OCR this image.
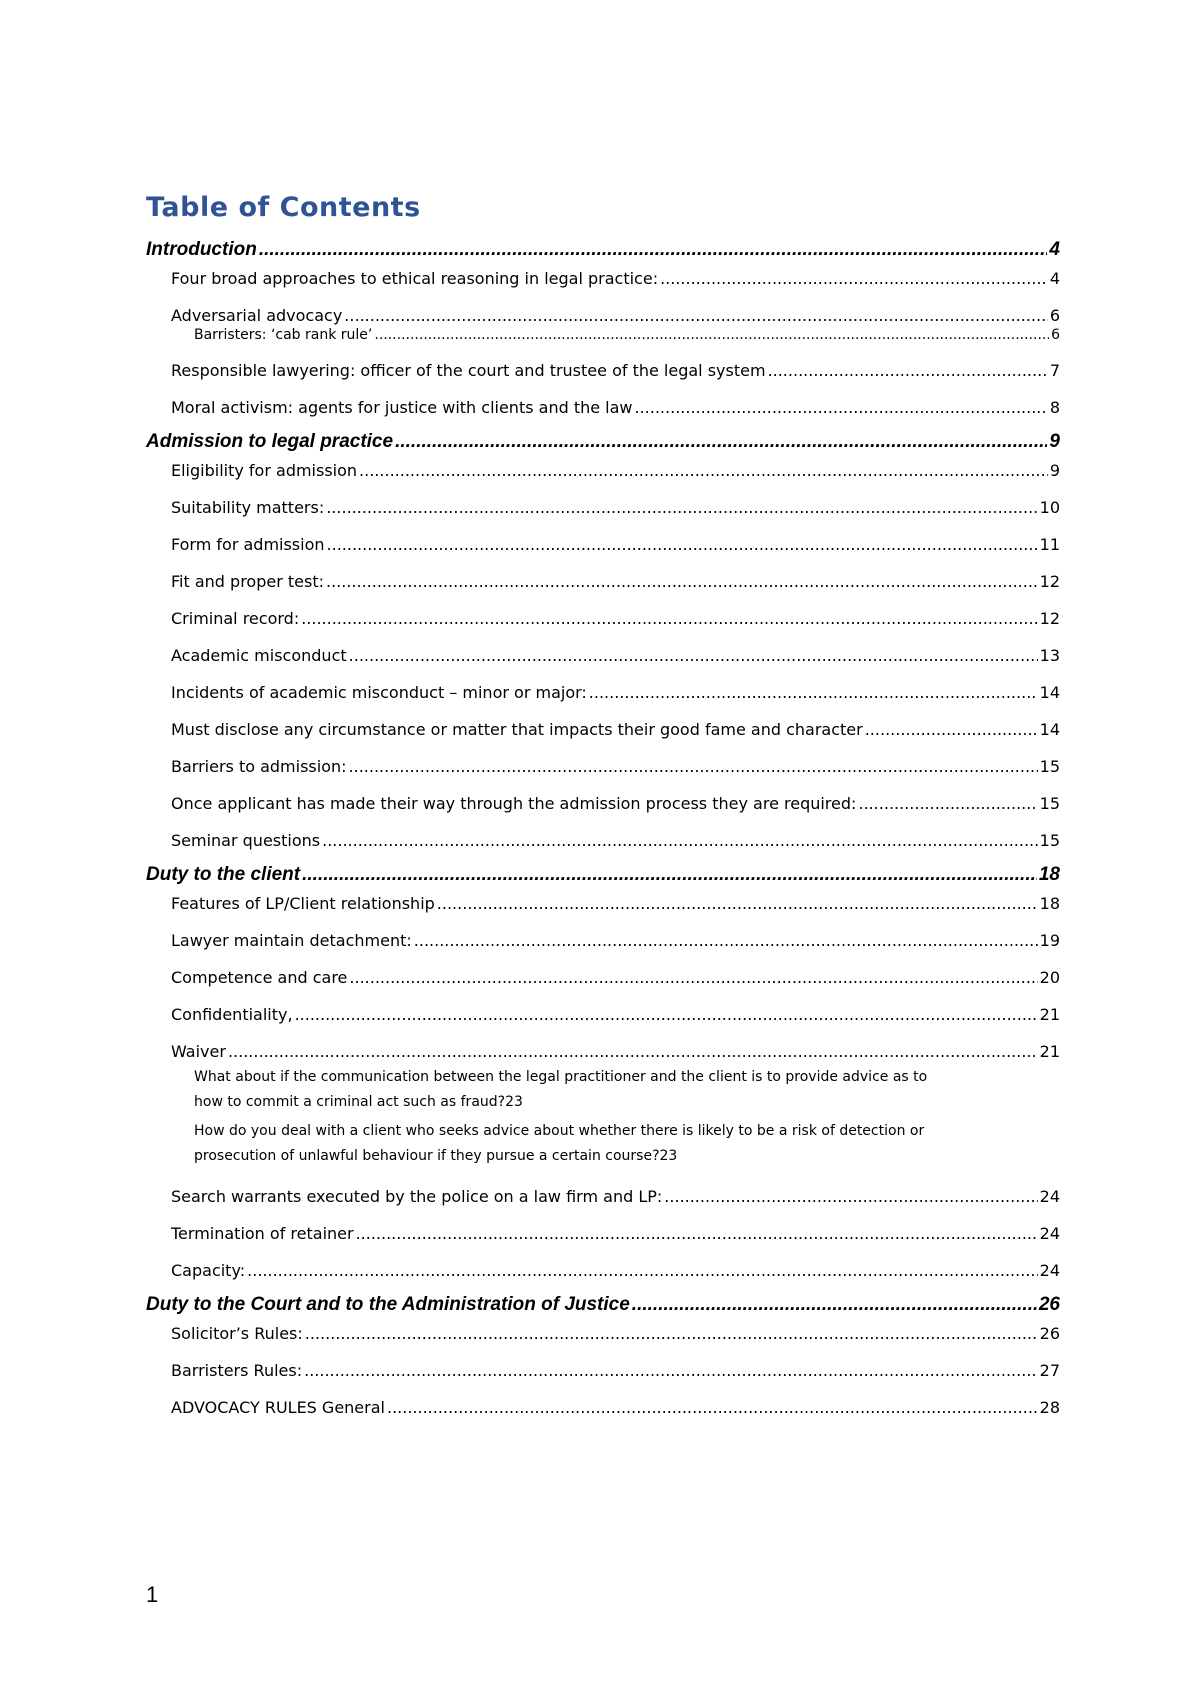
Table of Contents
Introduction .....	4
Four broad approaches to ethical reasoning in legal practice: .....	4
Adversarial advocacy .....	6
Barristers: ‘cab rank rule’ .....	6
Responsible lawyering: officer of the court and trustee of the legal system .....	7
Moral activism: agents for justice with clients and the law .....	8
Admission to legal practice .....	9
Eligibility for admission .....	9
Suitability matters: .....	10
Form for admission .....	11
Fit and proper test: .....	12
Criminal record: .....	12
Academic misconduct .....	13
Incidents of academic misconduct – minor or major: .....	14
Must disclose any circumstance or matter that impacts their good fame and character .....	14
Barriers to admission: .....	15
Once applicant has made their way through the admission process they are required: .....	15
Seminar questions .....	15
Duty to the client .....	18
Features of LP/Client relationship .....	18
Lawyer maintain detachment: .....	19
Competence and care .....	20
Confidentiality, .....	21
Waiver .....	21
What about if the communication between the legal practitioner and the client is to provide advice as to
how to commit a criminal act such as fraud? 23
How do you deal with a client who seeks advice about whether there is likely to be a risk of detection or
prosecution of unlawful behaviour if they pursue a certain course? 23
Search warrants executed by the police on a law firm and LP: .....	24
Termination of retainer .....	24
Capacity: .....	24
Duty to the Court and to the Administration of Justice .....	26
Solicitor’s Rules: .....	26
Barristers Rules: .....	27
ADVOCACY RULES General .....	28
1
